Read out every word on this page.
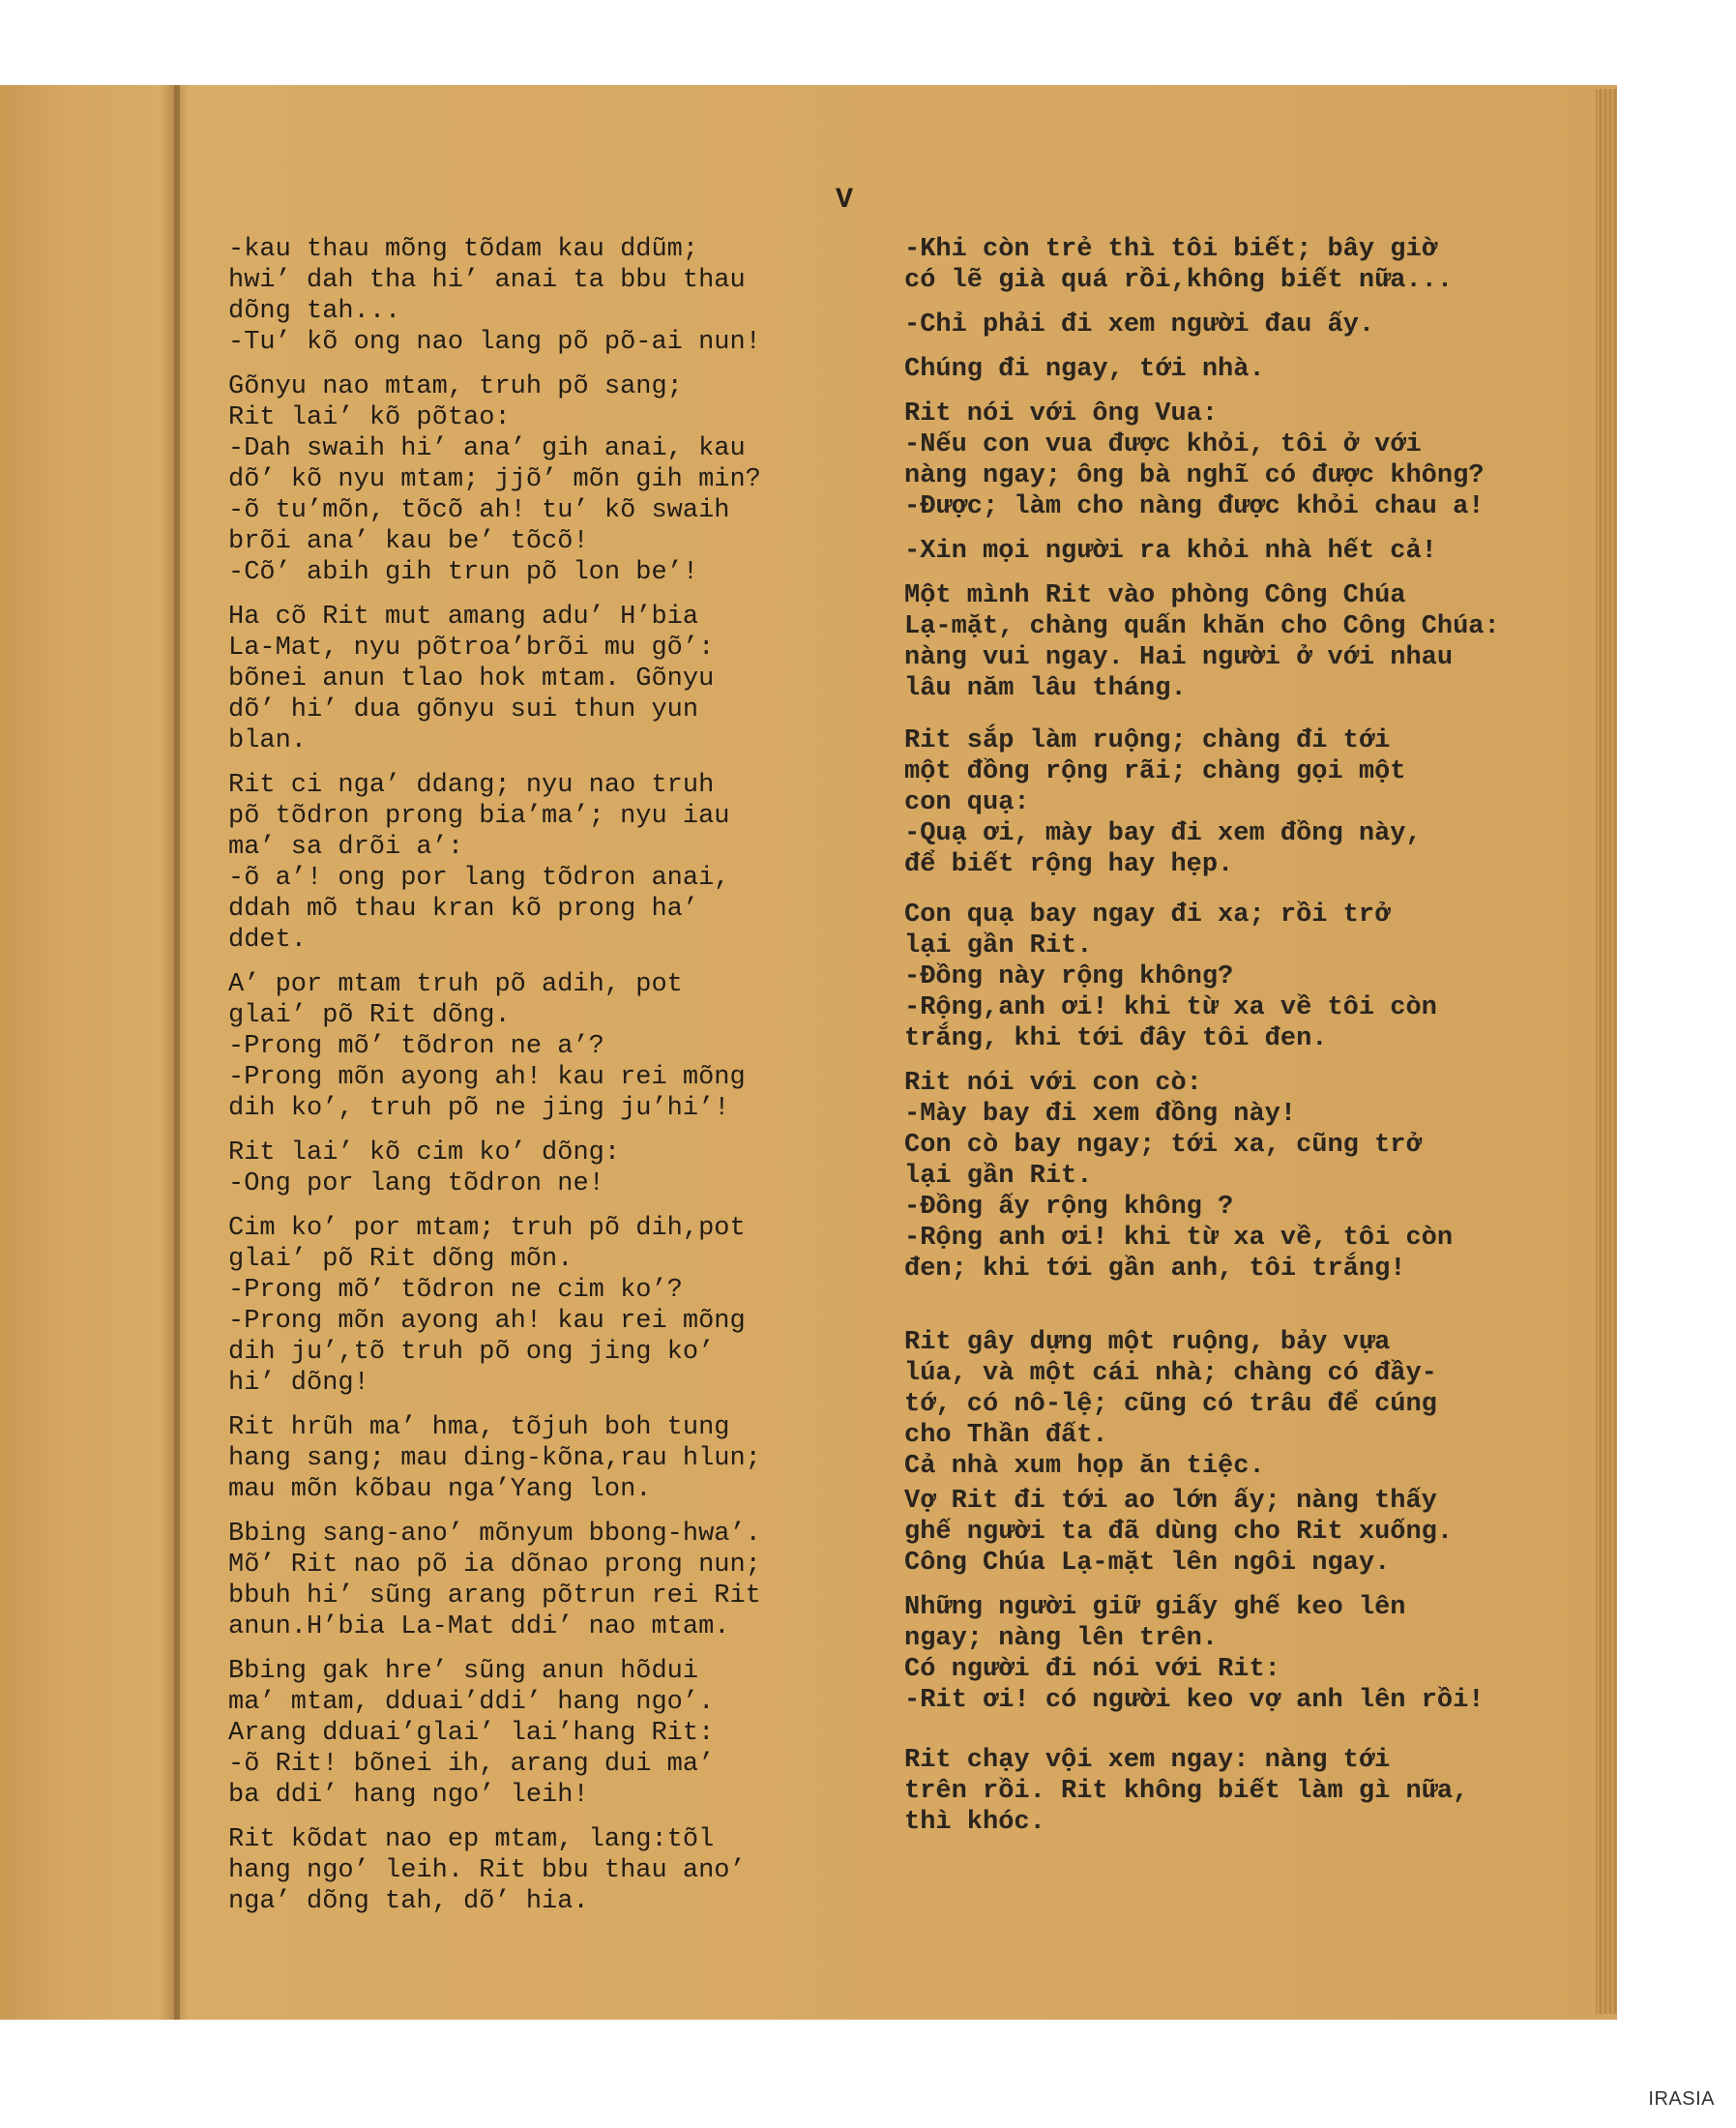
V
-kau thau mõng tõdam kau ddũm;
hwi’ dah tha hi’ anai ta bbu thau
dõng tah...
-Tu’ kõ ong nao lang põ põ-ai nun!
Gõnyu nao mtam, truh põ sang;
Rit lai’ kõ põtao:
-Dah swaih hi’ ana’ gih anai, kau
dõ’ kõ nyu mtam; jjõ’ mõn gih min?
-õ tu’mõn, tõcõ ah! tu’ kõ swaih
brõi ana’ kau be’ tõcõ!
-Cõ’ abih gih trun põ lon be’!
Ha cõ Rit mut amang adu’ H’bia
La-Mat, nyu põtroa’brõi mu gõ’:
bõnei anun tlao hok mtam. Gõnyu
dõ’ hi’ dua gõnyu sui thun yun
blan.
Rit ci nga’ ddang; nyu nao truh
põ tõdron prong bia’ma’; nyu iau
ma’ sa drõi a’:
-õ a’! ong por lang tõdron anai,
ddah mõ thau kran kõ prong ha’
ddet.
A’ por mtam truh põ adih, pot
glai’ põ Rit dõng.
-Prong mõ’ tõdron ne a’?
-Prong mõn ayong ah! kau rei mõng
dih ko’, truh põ ne jing ju’hi’!
Rit lai’ kõ cim ko’ dõng:
-Ong por lang tõdron ne!
Cim ko’ por mtam; truh põ dih,pot
glai’ põ Rit dõng mõn.
-Prong mõ’ tõdron ne cim ko’?
-Prong mõn ayong ah! kau rei mõng
dih ju’,tõ truh põ ong jing ko’
hi’ dõng!
Rit hrũh ma’ hma, tõjuh boh tung
hang sang; mau ding-kõna,rau hlun;
mau mõn kõbau nga’Yang lon.
Bbing sang-ano’ mõnyum bbong-hwa’.
Mõ’ Rit nao põ ia dõnao prong nun;
bbuh hi’ sũng arang põtrun rei Rit
anun.H’bia La-Mat ddi’ nao mtam.
Bbing gak hre’ sũng anun hõdui
ma’ mtam, dduai’ddi’ hang ngo’.
Arang dduai’glai’ lai’hang Rit:
-õ Rit! bõnei ih, arang dui ma’
ba ddi’ hang ngo’ leih!
Rit kõdat nao ep mtam, lang:tõl
hang ngo’ leih. Rit bbu thau ano’
nga’ dõng tah, dõ’ hia.
-Khi còn trẻ thì tôi biết; bây giờ
có lẽ già quá rồi,không biết nữa...
-Chỉ phải đi xem người đau ấy.
Chúng đi ngay, tới nhà.
Rit nói với ông Vua:
-Nếu con vua được khỏi, tôi ở với
nàng ngay; ông bà nghĩ có được không?
-Được; làm cho nàng được khỏi chau a!
-Xin mọi người ra khỏi nhà hết cả!
Một mình Rit vào phòng Công Chúa
Lạ-mặt, chàng quấn khăn cho Công Chúa:
nàng vui ngay. Hai người ở với nhau
lâu năm lâu tháng.
Rit sắp làm ruộng; chàng đi tới
một đồng rộng rãi; chàng gọi một
con quạ:
-Quạ ơi, mày bay đi xem đồng này,
để biết rộng hay hẹp.
Con quạ bay ngay đi xa; rồi trở
lại gần Rit.
-Đồng này rộng không?
-Rộng,anh ơi! khi từ xa về tôi còn
trắng, khi tới đây tôi đen.
Rit nói với con cò:
-Mày bay đi xem đồng này!
Con cò bay ngay; tới xa, cũng trở
lại gần Rit.
-Đồng ấy rộng không ?
-Rộng anh ơi! khi từ xa về, tôi còn
đen; khi tới gần anh, tôi trắng!
Rit gây dựng một ruộng, bảy vựa
lúa, và một cái nhà; chàng có đầy-
tớ, có nô-lệ; cũng có trâu để cúng
cho Thần đất.
Cả nhà xum họp ăn tiệc.
Vợ Rit đi tới ao lớn ấy; nàng thấy
ghế người ta đã dùng cho Rit xuống.
Công Chúa Lạ-mặt lên ngôi ngay.
Những người giữ giấy ghế keo lên
ngay; nàng lên trên.
Có người đi nói với Rit:
-Rit ơi! có người keo vợ anh lên rồi!
Rit chạy vội xem ngay: nàng tới
trên rồi. Rit không biết làm gì nữa,
thì khóc.
IRASIA
